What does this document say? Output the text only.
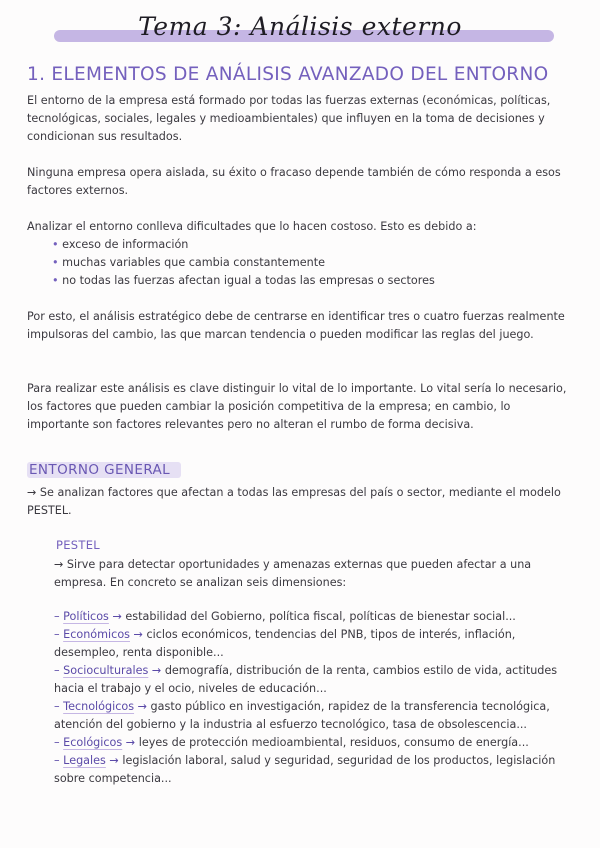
Tema 3: Análisis externo
1. ELEMENTOS DE ANÁLISIS AVANZADO DEL ENTORNO
El entorno de la empresa está formado por todas las fuerzas externas (económicas, políticas, tecnológicas, sociales, legales y medioambientales) que influyen en la toma de decisiones y condicionan sus resultados.
Ninguna empresa opera aislada, su éxito o fracaso depende también de cómo responda a esos factores externos.
Analizar el entorno conlleva dificultades que lo hacen costoso. Esto es debido a:
• exceso de información
• muchas variables que cambia constantemente
• no todas las fuerzas afectan igual a todas las empresas o sectores
Por esto, el análisis estratégico debe de centrarse en identificar tres o cuatro fuerzas realmente impulsoras del cambio, las que marcan tendencia o pueden modificar las reglas del juego.
Para realizar este análisis es clave distinguir lo vital de lo importante. Lo vital sería lo necesario, los factores que pueden cambiar la posición competitiva de la empresa; en cambio, lo importante son factores relevantes pero no alteran el rumbo de forma decisiva.
ENTORNO GENERAL
→ Se analizan factores que afectan a todas las empresas del país o sector, mediante el modelo PESTEL.
PESTEL
→ Sirve para detectar oportunidades y amenazas externas que pueden afectar a una empresa. En concreto se analizan seis dimensiones:
– Políticos → estabilidad del Gobierno, política fiscal, políticas de bienestar social...
– Económicos → ciclos económicos, tendencias del PNB, tipos de interés, inflación, desempleo, renta disponible...
– Socioculturales → demografía, distribución de la renta, cambios estilo de vida, actitudes hacia el trabajo y el ocio, niveles de educación...
– Tecnológicos → gasto público en investigación, rapidez de la transferencia tecnológica, atención del gobierno y la industria al esfuerzo tecnológico, tasa de obsolescencia...
– Ecológicos → leyes de protección medioambiental, residuos, consumo de energía...
– Legales → legislación laboral, salud y seguridad, seguridad de los productos, legislación sobre competencia...
